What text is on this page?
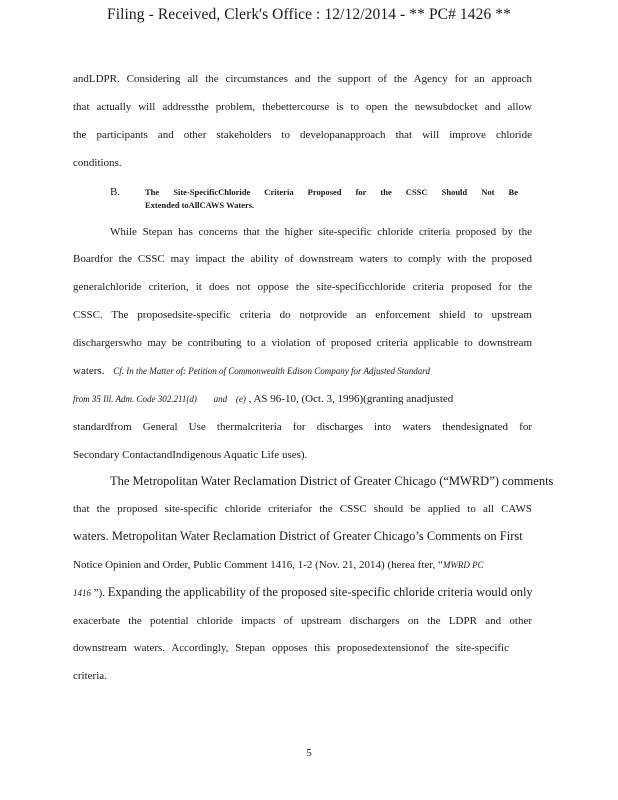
Filing - Received, Clerk's Office : 12/12/2014 - ** PC# 1426 **
andLDPR. Considering all the circumstances and the support of the Agency for an approach
that actually will addressthe problem, thebettercourse is to open the newsubdocket and allow
the participants and other stakeholders to developanapproach that will improve chloride
conditions.
B.	The Site-SpecificChloride Criteria Proposed for the CSSC Should Not Be
Extended toAllCAWS Waters.
While Stepan has concerns that the higher site-specific chloride criteria proposed by the
Boardfor the CSSC may impact the ability of downstream waters to comply with the proposed
generalchloride criterion, it does not oppose the site-specificchloride criteria proposed for the
CSSC. The proposedsite-specific criteria do notprovide an enforcement shield to upstream
dischargerswho may be contributing to a violation of proposed criteria applicable to downstream
waters. Cf. In the Matter of: Petition of Commonwealth Edison Company for Adjusted Standard
from 35 Ill. Adm. Code 302.211(d) and (e) , AS 96-10, (Oct. 3, 1996)(granting anadjusted
standardfrom General Use thermalcriteria for discharges into waters thendesignated for
Secondary ContactandIndigenous Aquatic Life uses).
The Metropolitan Water Reclamation District of Greater Chicago (“MWRD”) comments
that the proposed site-specific chloride criteriafor the CSSC should be applied to all CAWS
waters. Metropolitan Water Reclamation District of Greater Chicago’s Comments on First
Notice Opinion and Order, Public Comment 1416, 1-2 (Nov. 21, 2014) (herea fter, “MWRD PC
1416 ”). Expanding the applicability of the proposed site-specific chloride criteria would only
exacerbate the potential chloride impacts of upstream dischargers on the LDPR and other
downstream waters. Accordingly, Stepan opposes this proposedextensionof the site-specific
criteria.
5
